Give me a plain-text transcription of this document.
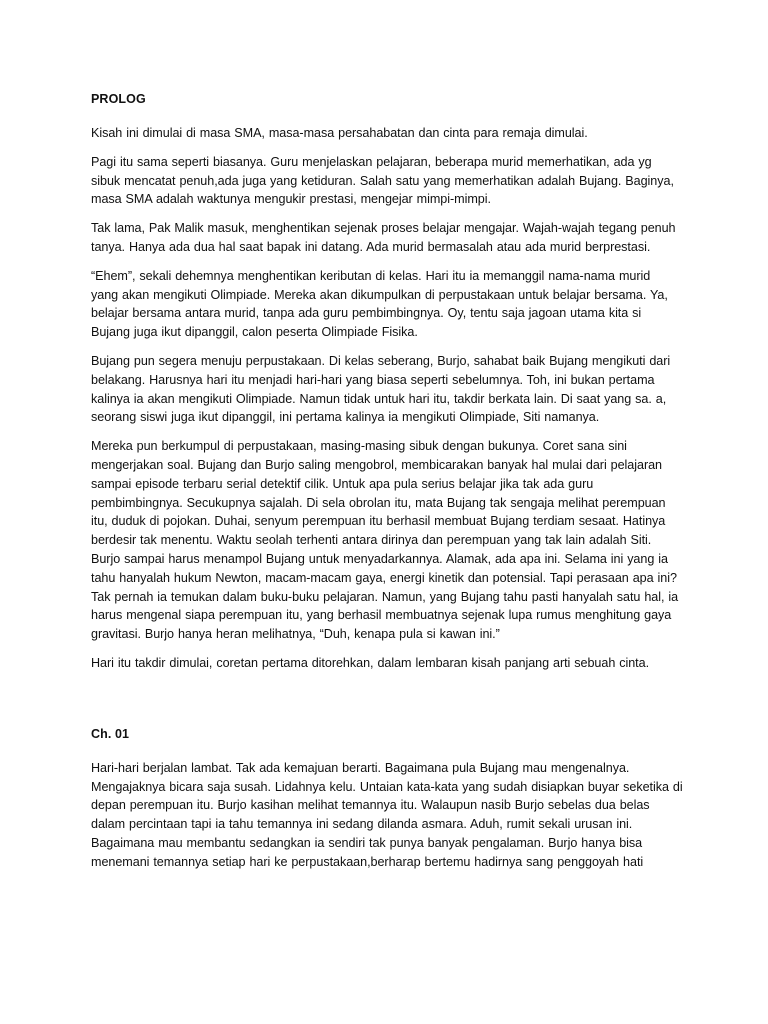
PROLOG
Kisah ini dimulai di masa SMA, masa-masa persahabatan dan cinta para remaja dimulai.
Pagi itu sama seperti biasanya. Guru menjelaskan pelajaran, beberapa murid memerhatikan, ada yg
sibuk mencatat penuh,ada juga yang ketiduran. Salah satu yang memerhatikan adalah Bujang. Baginya,
masa SMA adalah waktunya mengukir prestasi, mengejar mimpi-mimpi.
Tak lama, Pak Malik masuk, menghentikan sejenak proses belajar mengajar. Wajah-wajah tegang penuh
tanya. Hanya ada dua hal saat bapak ini datang. Ada murid bermasalah atau ada murid berprestasi.
“Ehem”, sekali dehemnya menghentikan keributan di kelas. Hari itu ia memanggil nama-nama murid
yang akan mengikuti Olimpiade. Mereka akan dikumpulkan di perpustakaan untuk belajar bersama. Ya,
belajar bersama antara murid, tanpa ada guru pembimbingnya. Oy, tentu saja jagoan utama kita si
Bujang juga ikut dipanggil, calon peserta Olimpiade Fisika.
Bujang pun segera menuju perpustakaan. Di kelas seberang, Burjo, sahabat baik Bujang mengikuti dari
belakang. Harusnya hari itu menjadi hari-hari yang biasa seperti sebelumnya. Toh, ini bukan pertama
kalinya ia akan mengikuti Olimpiade. Namun tidak untuk hari itu, takdir berkata lain. Di saat yang sa. a,
seorang siswi juga ikut dipanggil, ini pertama kalinya ia mengikuti Olimpiade, Siti namanya.
Mereka pun berkumpul di perpustakaan, masing-masing sibuk dengan bukunya. Coret sana sini
mengerjakan soal. Bujang dan Burjo saling mengobrol, membicarakan banyak hal mulai dari pelajaran
sampai episode terbaru serial detektif cilik. Untuk apa pula serius belajar jika tak ada guru
pembimbingnya. Secukupnya sajalah. Di sela obrolan itu, mata Bujang tak sengaja melihat perempuan
itu, duduk di pojokan. Duhai, senyum perempuan itu berhasil membuat Bujang terdiam sesaat. Hatinya
berdesir tak menentu. Waktu seolah terhenti antara dirinya dan perempuan yang tak lain adalah Siti.
Burjo sampai harus menampol Bujang untuk menyadarkannya. Alamak, ada apa ini. Selama ini yang ia
tahu hanyalah hukum Newton, macam-macam gaya, energi kinetik dan potensial. Tapi perasaan apa ini?
Tak pernah ia temukan dalam buku-buku pelajaran. Namun, yang Bujang tahu pasti hanyalah satu hal, ia
harus mengenal siapa perempuan itu, yang berhasil membuatnya sejenak lupa rumus menghitung gaya
gravitasi. Burjo hanya heran melihatnya, “Duh, kenapa pula si kawan ini.”
Hari itu takdir dimulai, coretan pertama ditorehkan, dalam lembaran kisah panjang arti sebuah cinta.
Ch. 01
Hari-hari berjalan lambat. Tak ada kemajuan berarti. Bagaimana pula Bujang mau mengenalnya.
Mengajaknya bicara saja susah. Lidahnya kelu. Untaian kata-kata yang sudah disiapkan buyar seketika di
depan perempuan itu. Burjo kasihan melihat temannya itu. Walaupun nasib Burjo sebelas dua belas
dalam percintaan tapi ia tahu temannya ini sedang dilanda asmara. Aduh, rumit sekali urusan ini.
Bagaimana mau membantu sedangkan ia sendiri tak punya banyak pengalaman. Burjo hanya bisa
menemani temannya setiap hari ke perpustakaan,berharap bertemu hadirnya sang penggoyah hati
